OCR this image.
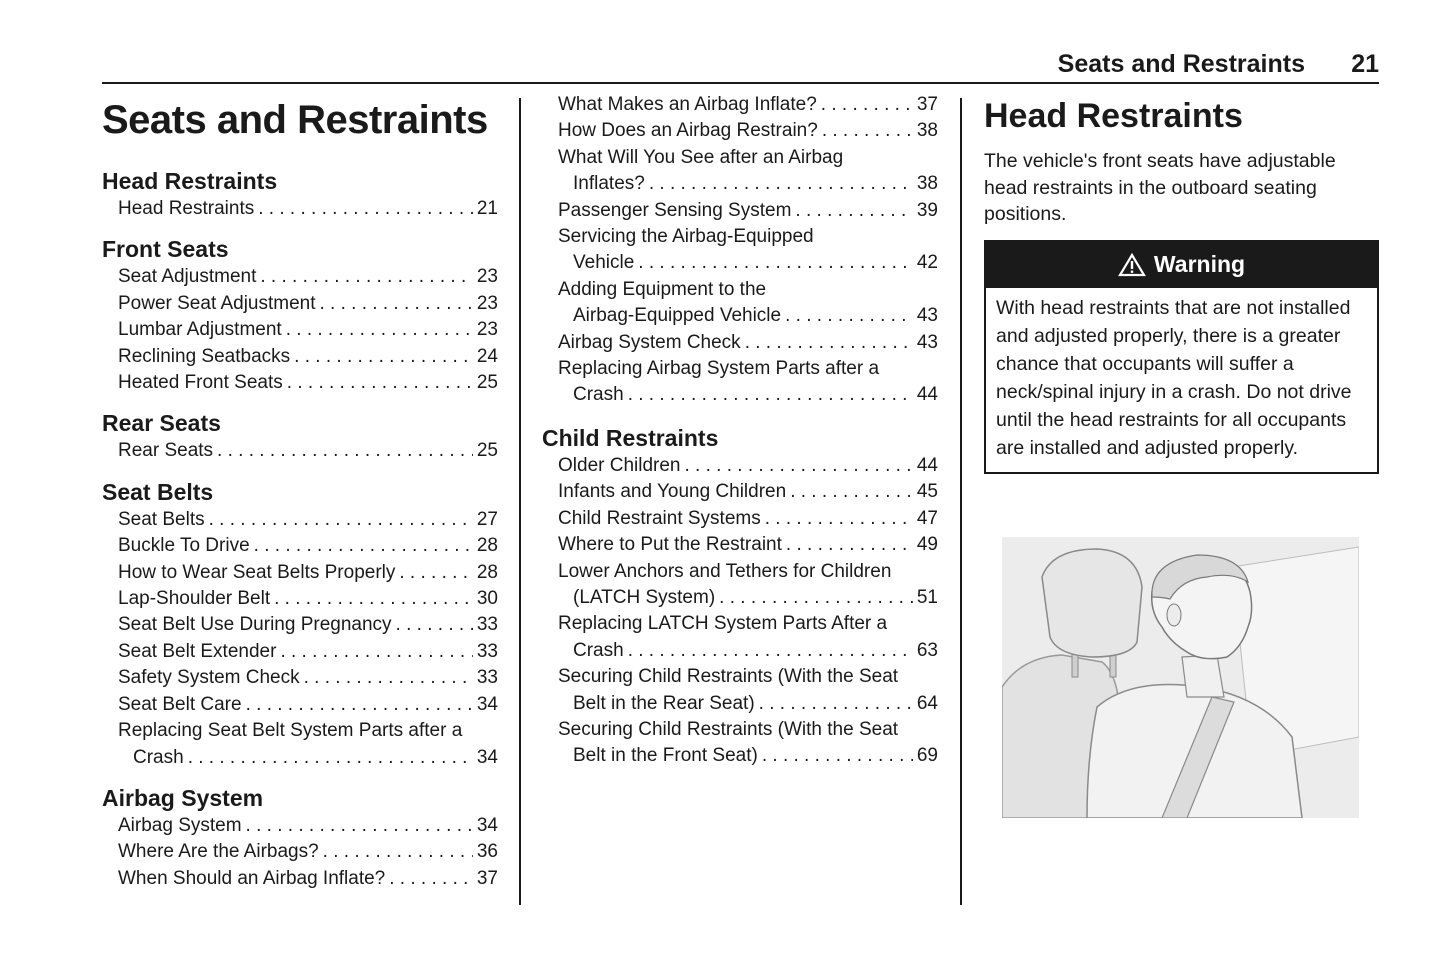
Seats and Restraints 21
Seats and Restraints
Head Restraints
Head Restraints . . .	21
Front Seats
Seat Adjustment . . .	23
Power Seat Adjustment . . .	23
Lumbar Adjustment . . .	23
Reclining Seatbacks . . .	24
Heated Front Seats . . .	25
Rear Seats
Rear Seats . . .	25
Seat Belts
Seat Belts . . .	27
Buckle To Drive . . .	28
How to Wear Seat Belts Properly . . .	28
Lap-Shoulder Belt . . .	30
Seat Belt Use During Pregnancy . . .	33
Seat Belt Extender . . .	33
Safety System Check . . .	33
Seat Belt Care . . .	34
Replacing Seat Belt System Parts after a
Crash . . .	34
Airbag System
Airbag System . . .	34
Where Are the Airbags? . . .	36
When Should an Airbag Inflate? . . .	37
What Makes an Airbag Inflate? . . .	37
How Does an Airbag Restrain? . . .	38
What Will You See after an Airbag
Inflates? . . .	38
Passenger Sensing System . . .	39
Servicing the Airbag-Equipped
Vehicle . . .	42
Adding Equipment to the
Airbag-Equipped Vehicle . . .	43
Airbag System Check . . .	43
Replacing Airbag System Parts after a
Crash . . .	44
Child Restraints
Older Children . . .	44
Infants and Young Children . . .	45
Child Restraint Systems . . .	47
Where to Put the Restraint . . .	49
Lower Anchors and Tethers for Children
(LATCH System) . . .	51
Replacing LATCH System Parts After a
Crash . . .	63
Securing Child Restraints (With the Seat
Belt in the Rear Seat) . . .	64
Securing Child Restraints (With the Seat
Belt in the Front Seat) . . .	69
Head Restraints

The vehicle's front seats have adjustable head restraints in the outboard seating positions.

Warning
With head restraints that are not installed and adjusted properly, there is a greater chance that occupants will suffer a neck/spinal injury in a crash. Do not drive until the head restraints for all occupants are installed and adjusted properly.
